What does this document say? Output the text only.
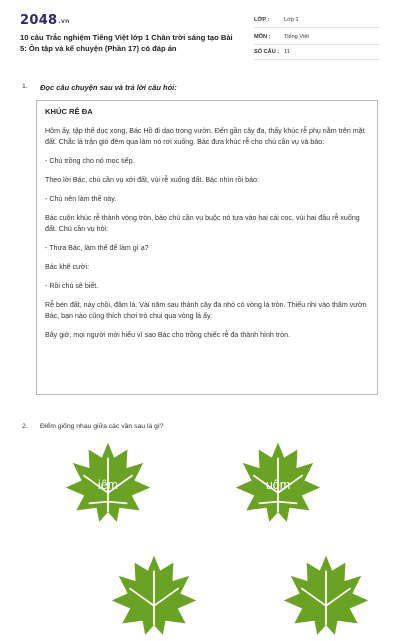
2048.vn
10 câu Trắc nghiệm Tiếng Việt lớp 1 Chân trời sáng tạo Bài 5: Ôn tập và kể chuyện (Phần 17) có đáp án
LỚP :	Lớp 1
MÔN : Tiếng Việt
SỐ CÂU : 11
1. Đọc câu chuyện sau và trả lời câu hỏi:
KHÚC RỄ ĐA

Hôm ấy, tập thể dục xong, Bác Hồ đi dạo trong vườn. Đến gần cây đa, thấy khúc rễ phụ nằm trên mặt đất. Chắc là trận gió đêm qua làm nó rơi xuống. Bác đưa khúc rễ cho chú cần vụ và bảo:

- Chú trồng cho nó mọc tiếp.

Theo lời Bác, chú cần vụ xới đất, vùi rễ xuống đất. Bác nhìn rồi bảo:

- Chú nên làm thế này.

Bác cuộn khúc rễ thành vòng tròn, bảo chú cần vụ buộc nó tựa vào hai cái cọc, vùi hai đầu rễ xuống đất. Chú cần vụ hỏi:

- Thưa Bác, làm thế để làm gì ạ?

Bác khẽ cười:

- Rồi chú sẽ biết.

Rễ bén đất, nảy chồi, đâm lá. Vài năm sau thành cây đa nhỏ có vòng lá tròn. Thiếu nhi vào thăm vườn Bác, bạn nào cũng thích chơi trò chui qua vòng lá ấy.

Bây giờ, mọi người mới hiểu vì sao Bác cho trồng chiếc rễ đa thành hình tròn.

2. Điểm giống nhau giữa các vần sau là gì?
iêm	uôm
